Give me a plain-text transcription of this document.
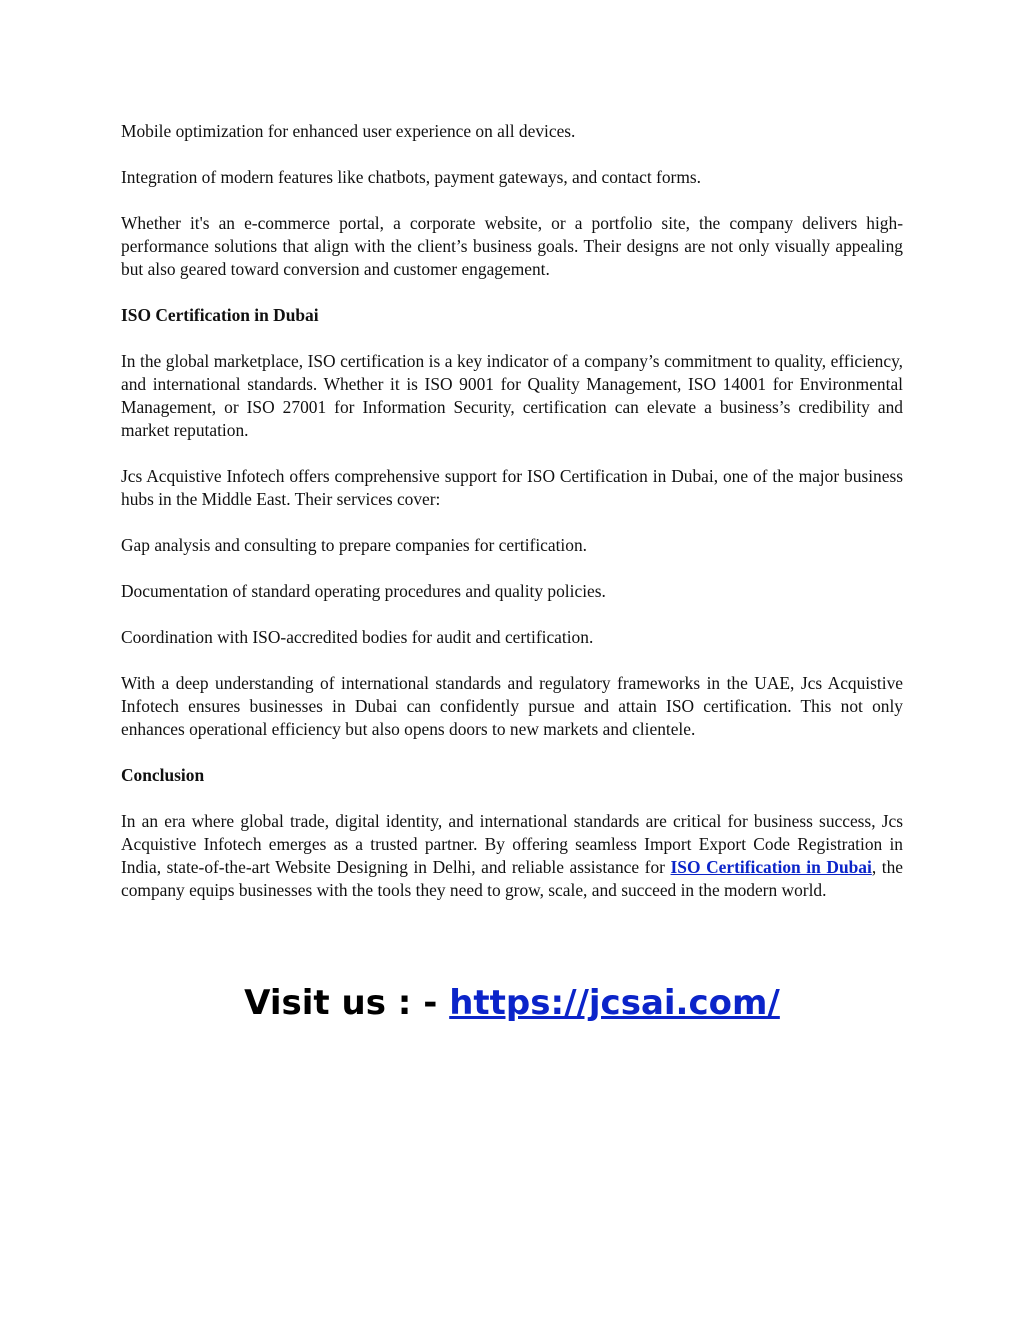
Mobile optimization for enhanced user experience on all devices.

Integration of modern features like chatbots, payment gateways, and contact forms.

Whether it's an e-commerce portal, a corporate website, or a portfolio site, the company delivers high-performance solutions that align with the client’s business goals. Their designs are not only visually appealing but also geared toward conversion and customer engagement.

ISO Certification in Dubai

In the global marketplace, ISO certification is a key indicator of a company’s commitment to quality, efficiency, and international standards. Whether it is ISO 9001 for Quality Management, ISO 14001 for Environmental Management, or ISO 27001 for Information Security, certification can elevate a business’s credibility and market reputation.

Jcs Acquistive Infotech offers comprehensive support for ISO Certification in Dubai, one of the major business hubs in the Middle East. Their services cover:

Gap analysis and consulting to prepare companies for certification.

Documentation of standard operating procedures and quality policies.

Coordination with ISO-accredited bodies for audit and certification.

With a deep understanding of international standards and regulatory frameworks in the UAE, Jcs Acquistive Infotech ensures businesses in Dubai can confidently pursue and attain ISO certification. This not only enhances operational efficiency but also opens doors to new markets and clientele.

Conclusion

In an era where global trade, digital identity, and international standards are critical for business success, Jcs Acquistive Infotech emerges as a trusted partner. By offering seamless Import Export Code Registration in India, state-of-the-art Website Designing in Delhi, and reliable assistance for ISO Certification in Dubai, the company equips businesses with the tools they need to grow, scale, and succeed in the modern world.

Visit us : - https://jcsai.com/
